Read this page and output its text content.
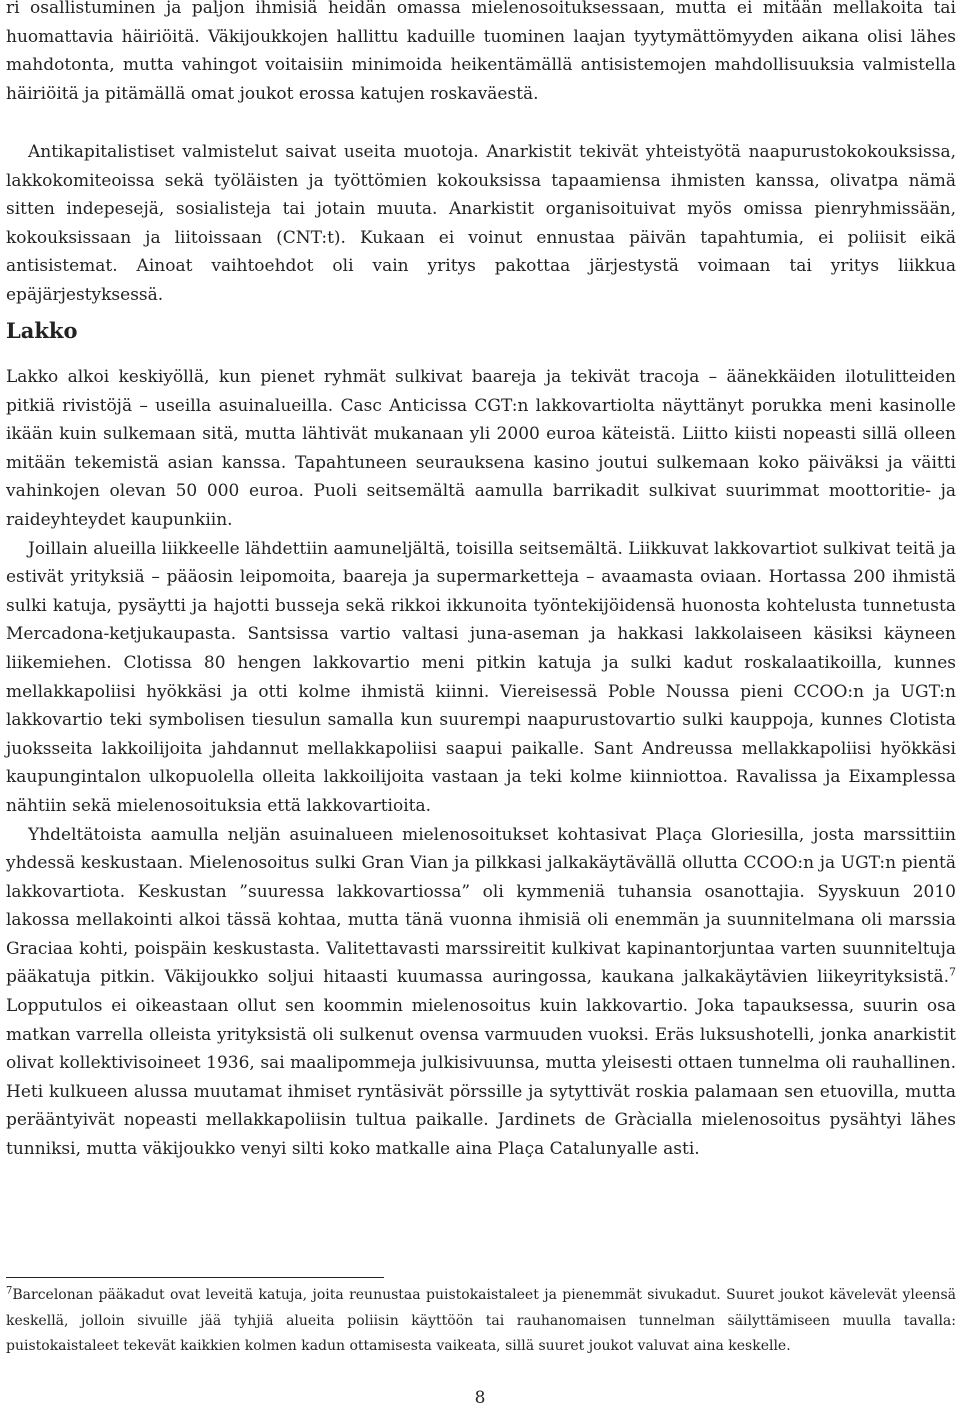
ri osallistuminen ja paljon ihmisiä heidän omassa mielenosoituksessaan, mutta ei mitään mellakoita tai huomattavia häiriöitä. Väkijoukkojen hallittu kaduille tuominen laajan tyytymättömyyden aikana olisi lähes mahdotonta, mutta vahingot voitaisiin minimoida heikentämällä antisistemojen mahdollisuuksia valmistella häiriöitä ja pitämällä omat joukot erossa katujen roskaväestä.

Antikapitalistiset valmistelut saivat useita muotoja. Anarkistit tekivät yhteistyötä naapurustokokouksissa, lakkokomiteoissa sekä työläisten ja työttömien kokouksissa tapaamiensa ihmisten kanssa, olivatpa nämä sitten indepesejä, sosialisteja tai jotain muuta. Anarkistit organisoituivat myös omissa pienryhmissään, kokouksissaan ja liitoissaan (CNT:t). Kukaan ei voinut ennustaa päivän tapahtumia, ei poliisit eikä antisistemat. Ainoat vaihtoehdot oli vain yritys pakottaa järjestystä voimaan tai yritys liikkua epäjärjestyksessä.

Lakko

Lakko alkoi keskiyöllä, kun pienet ryhmät sulkivat baareja ja tekivät tracoja – äänekkäiden ilotulitteiden pitkiä rivistöjä – useilla asuinalueilla. Casc Anticissa CGT:n lakkovartiolta näyttänyt porukka meni kasinolle ikään kuin sulkemaan sitä, mutta lähtivät mukanaan yli 2000 euroa käteistä. Liitto kiisti nopeasti sillä olleen mitään tekemistä asian kanssa. Tapahtuneen seurauksena kasino joutui sulkemaan koko päiväksi ja väitti vahinkojen olevan 50 000 euroa. Puoli seitsemältä aamulla barrikadit sulkivat suurimmat moottoritie- ja raideyhteydet kaupunkiin.

Joillain alueilla liikkeelle lähdettiin aamuneljältä, toisilla seitsemältä. Liikkuvat lakkovartiot sulkivat teitä ja estivät yrityksiä – pääosin leipomoita, baareja ja supermarketteja – avaamasta oviaan. Hortassa 200 ihmistä sulki katuja, pysäytti ja hajotti busseja sekä rikkoi ikkunoita työntekijöidensä huonosta kohtelusta tunnetusta Mercadona-ketjukaupasta. Santsissa vartio valtasi juna-aseman ja hakkasi lakkolaiseen käsiksi käyneen liikemiehen. Clotissa 80 hengen lakkovartio meni pitkin katuja ja sulki kadut roskalaatikoilla, kunnes mellakkapoliisi hyökkäsi ja otti kolme ihmistä kiinni. Viereisessä Poble Noussa pieni CCOO:n ja UGT:n lakkovartio teki symbolisen tiesulun samalla kun suurempi naapurustovartio sulki kauppoja, kunnes Clotista juoksseita lakkoilijoita jahdannut mellakkapoliisi saapui paikalle. Sant Andreussa mellakkapoliisi hyökkäsi kaupungintalon ulkopuolella olleita lakkoilijoita vastaan ja teki kolme kiinniottoa. Ravalissa ja Eixamplessa nähtiin sekä mielenosoituksia että lakkovartioita.

Yhdeltätoista aamulla neljän asuinalueen mielenosoitukset kohtasivat Plaça Gloriesilla, josta marssittiin yhdessä keskustaan. Mielenosoitus sulki Gran Vian ja pilkkasi jalkakäytävällä ollutta CCOO:n ja UGT:n pientä lakkovartiota. Keskustan ”suuressa lakkovartiossa” oli kymmeniä tuhansia osanottajia. Syyskuun 2010 lakossa mellakointi alkoi tässä kohtaa, mutta tänä vuonna ihmisiä oli enemmän ja suunnitelmana oli marssia Graciaa kohti, poispäin keskustasta. Valitettavasti marssireitit kulkivat kapinantorjuntaa varten suunniteltuja pääkatuja pitkin. Väkijoukko soljui hitaasti kuumassa auringossa, kaukana jalkakäytävien liikeyrityksistä.$^7$ Lopputulos ei oikeastaan ollut sen koommin mielenosoitus kuin lakkovartio. Joka tapauksessa, suurin osa matkan varrella olleista yrityksistä oli sulkenut ovensa varmuuden vuoksi. Eräs luksushotelli, jonka anarkistit olivat kollektivisoineet 1936, sai maalipommeja julkisivuunsa, mutta yleisesti ottaen tunnelma oli rauhallinen. Heti kulkueen alussa muutamat ihmiset ryntäsivät pörssille ja sytyttivät roskia palamaan sen etuovilla, mutta perääntyivät nopeasti mellakkapoliisin tultua paikalle. Jardinets de Gràcialla mielenosoitus pysähtyi lähes tunniksi, mutta väkijoukko venyi silti koko matkalle aina Plaça Catalunyalle asti.

$^7$Barcelonan pääkadut ovat leveitä katuja, joita reunustaa puistokaistaleet ja pienemmät sivukadut. Suuret joukot kävelevät yleensä keskellä, jolloin sivuille jää tyhjiä alueita poliisin käyttöön tai rauhanomaisen tunnelman säilyttämiseen muulla tavalla: puistokaistaleet tekevät kaikkien kolmen kadun ottamisesta vaikeata, sillä suuret joukot valuvat aina keskelle.

8
